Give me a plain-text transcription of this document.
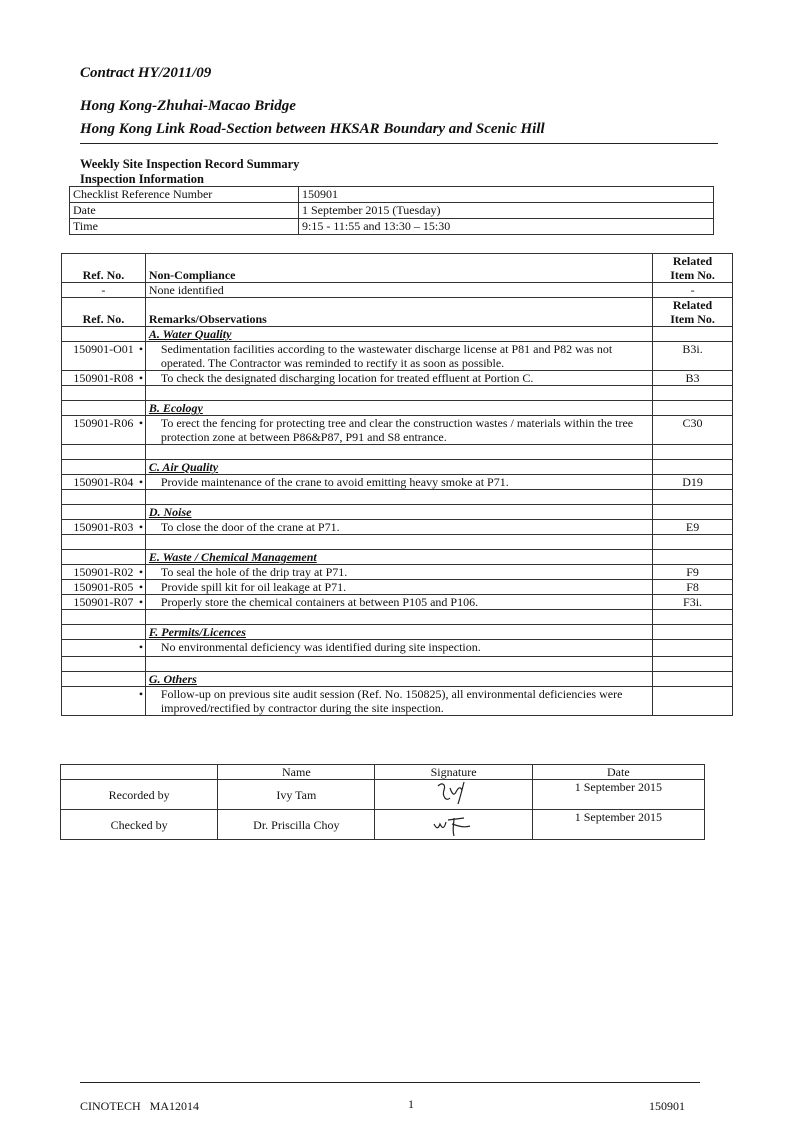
Contract HY/2011/09
Hong Kong-Zhuhai-Macao Bridge
Hong Kong Link Road-Section between HKSAR Boundary and Scenic Hill
Weekly Site Inspection Record Summary
Inspection Information
Checklist Reference Number	150901
Date	1 September 2015 (Tuesday)
Time	9:15 - 11:55 and 13:30 – 15:30
Ref. No.	Non-Compliance	Related
Item No.
-	None identified	-
Ref. No.	Remarks/Observations	Related
Item No.
	A. Water Quality	
150901-O01	•Sedimentation facilities according to the wastewater discharge license at P81 and P82 was not operated. The Contractor was reminded to rectify it as soon as possible.	B3i.
150901-R08	•To check the designated discharging location for treated effluent at Portion C.	B3

	B. Ecology	
150901-R06	•To erect the fencing for protecting tree and clear the construction wastes / materials within the tree protection zone at between P86&P87, P91 and S8 entrance.	C30

	C. Air Quality	
150901-R04	•Provide maintenance of the crane to avoid emitting heavy smoke at P71.	D19

	D. Noise	
150901-R03	•To close the door of the crane at P71.	E9

	E. Waste / Chemical Management	
150901-R02	•To seal the hole of the drip tray at P71.	F9
150901-R05	•Provide spill kit for oil leakage at P71.	F8
150901-R07	•Properly store the chemical containers at between P105 and P106.	F3i.

	F. Permits/Licences	
	• No environmental deficiency was identified during site inspection.	

	G. Others	
	• Follow-up on previous site audit session (Ref. No. 150825), all environmental deficiencies were improved/rectified by contractor during the site inspection.	
	Name	Signature	Date
Recorded by	Ivy Tam		1 September 2015
Checked by	Dr. Priscilla Choy		1 September 2015
CINOTECH   MA12014	1	150901
